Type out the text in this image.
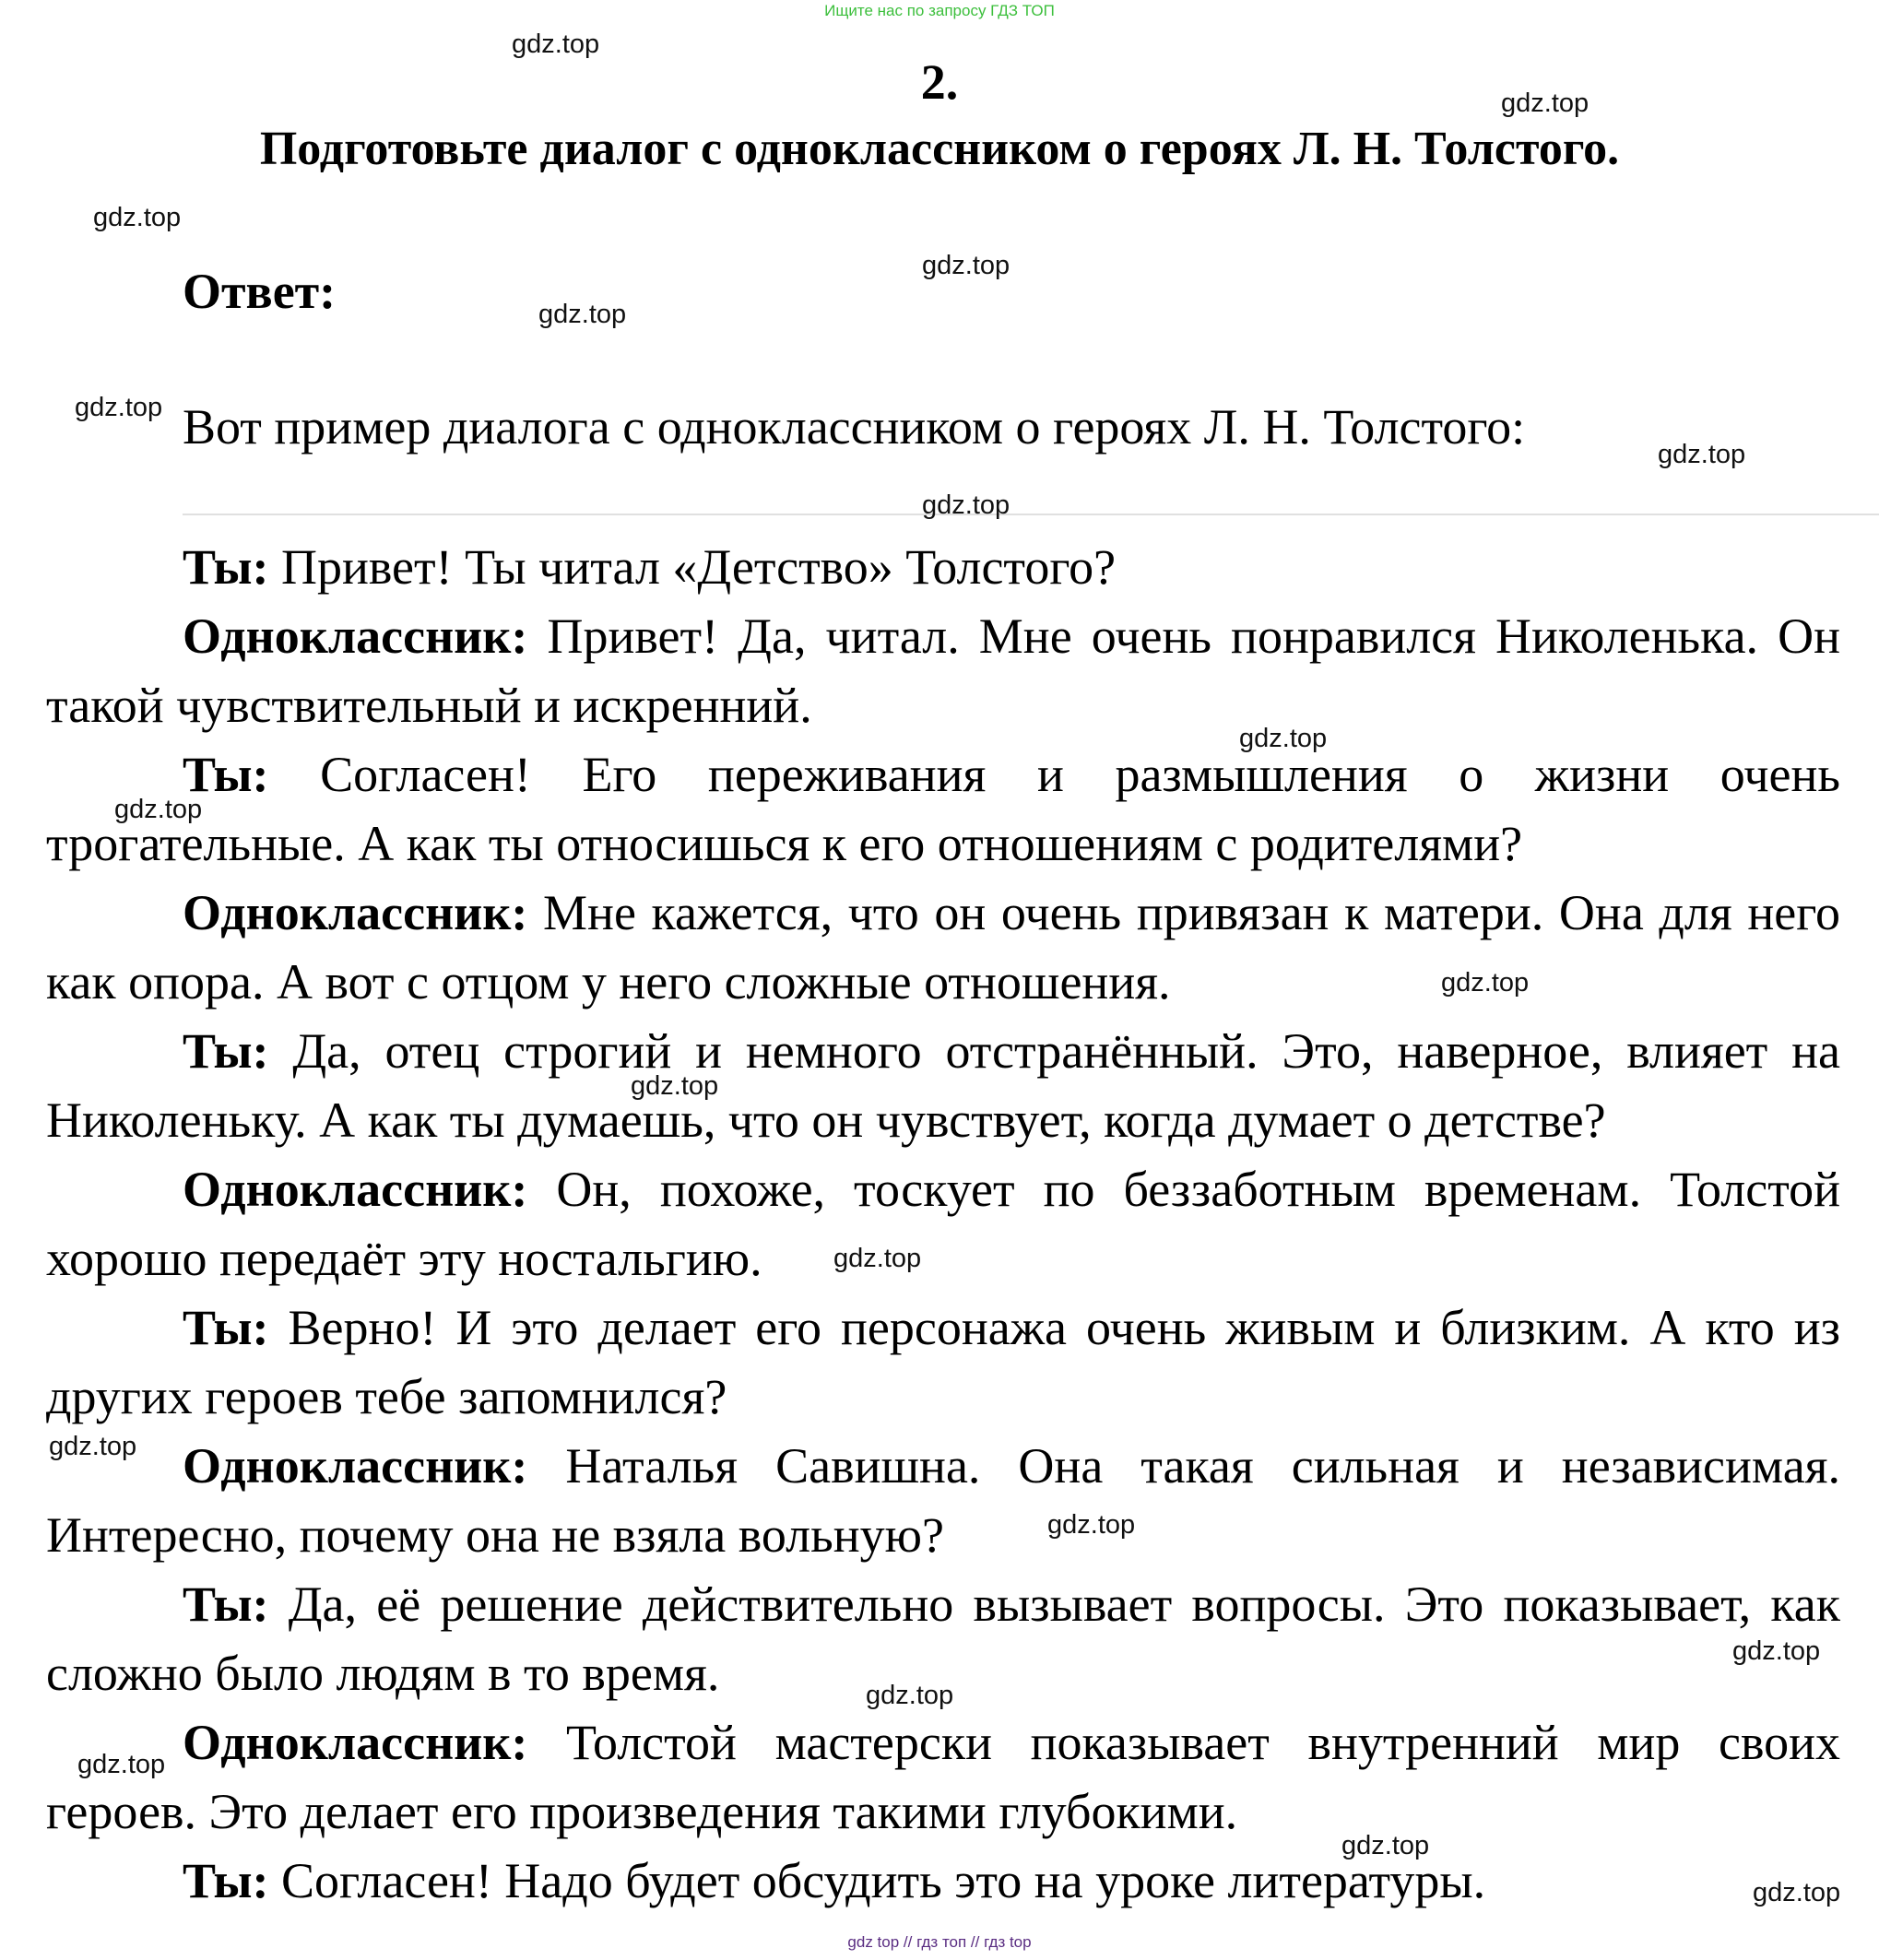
Ищите нас по запросу ГДЗ ТОП
2.
Подготовьте диалог с одноклассником о героях Л. Н. Толстого.
Ответ:
Вот пример диалога с одноклассником о героях Л. Н. Толстого:

Ты: Привет! Ты читал «Детство» Толстого?

Одноклассник: Привет! Да, читал. Мне очень понравился Николенька. Он такой чувствительный и искренний.

Ты: Согласен! Его переживания и размышления о жизни очень трогательные. А как ты относишься к его отношениям с родителями?

Одноклассник: Мне кажется, что он очень привязан к матери. Она для него как опора. А вот с отцом у него сложные отношения.

Ты: Да, отец строгий и немного отстранённый. Это, наверное, влияет на Николеньку. А как ты думаешь, что он чувствует, когда думает о детстве?

Одноклассник: Он, похоже, тоскует по беззаботным временам. Толстой хорошо передаёт эту ностальгию.

Ты: Верно! И это делает его персонажа очень живым и близким. А кто из других героев тебе запомнился?

Одноклассник: Наталья Савишна. Она такая сильная и независимая. Интересно, почему она не взяла вольную?

Ты: Да, её решение действительно вызывает вопросы. Это показывает, как сложно было людям в то время.

Одноклассник: Толстой мастерски показывает внутренний мир своих героев. Это делает его произведения такими глубокими.

Ты: Согласен! Надо будет обсудить это на уроке литературы.

gdz.top
gdz.top
gdz.top
gdz.top
gdz.top
gdz.top
gdz.top
gdz.top
gdz.top
gdz.top
gdz.top
gdz.top
gdz.top
gdz.top
gdz.top
gdz.top
gdz.top
gdz.top
gdz.top
gdz.top
gdz top // гдз топ // гдз top
